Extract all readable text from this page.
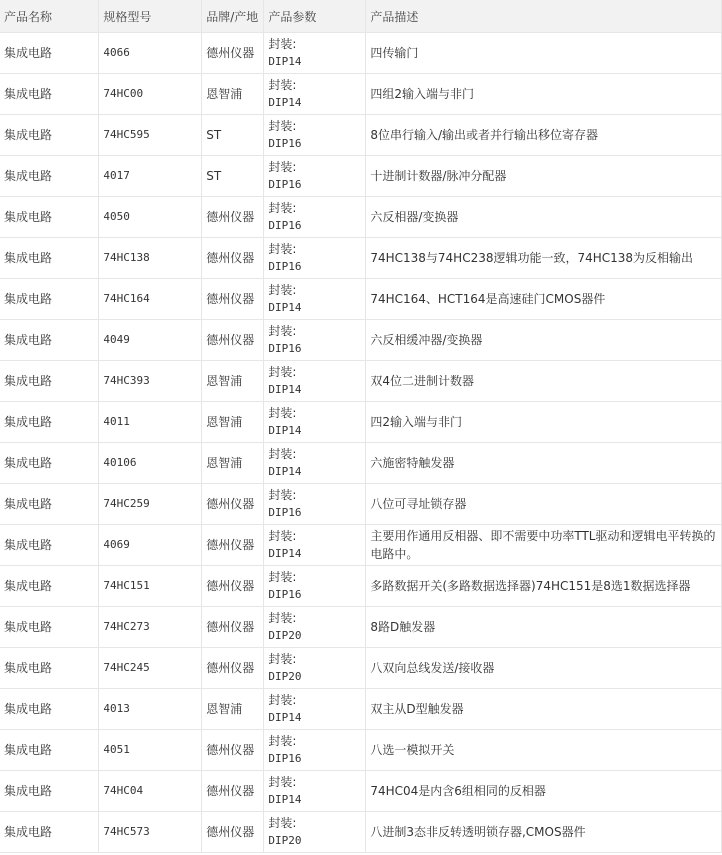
产品名称	规格型号	品牌/产地	产品参数	产品描述
集成电路	4066	德州仪器	封装:
DIP14	四传输门
集成电路	74HC00	恩智浦	封装:
DIP14	四组2输入端与非门
集成电路	74HC595	ST	封装:
DIP16	8位串行输入/输出或者并行输出移位寄存器
集成电路	4017	ST	封装:
DIP16	十进制计数器/脉冲分配器
集成电路	4050	德州仪器	封装:
DIP16	六反相器/变换器
集成电路	74HC138	德州仪器	封装:
DIP16	74HC138与74HC238逻辑功能一致，74HC138为反相输出
集成电路	74HC164	德州仪器	封装:
DIP14	74HC164、HCT164是高速硅门CMOS器件
集成电路	4049	德州仪器	封装:
DIP16	六反相缓冲器/变换器
集成电路	74HC393	恩智浦	封装:
DIP14	双4位二进制计数器
集成电路	4011	恩智浦	封装:
DIP14	四2输入端与非门
集成电路	40106	恩智浦	封装:
DIP14	六施密特触发器
集成电路	74HC259	德州仪器	封装:
DIP16	八位可寻址锁存器
集成电路	4069	德州仪器	封装:
DIP14	主要用作通用反相器、即不需要中功率TTL驱动和逻辑电平转换的电路中。
集成电路	74HC151	德州仪器	封装:
DIP16	多路数据开关(多路数据选择器)74HC151是8选1数据选择器
集成电路	74HC273	德州仪器	封装:
DIP20	8路D触发器
集成电路	74HC245	德州仪器	封装:
DIP20	八双向总线发送/接收器
集成电路	4013	恩智浦	封装:
DIP14	双主从D型触发器
集成电路	4051	德州仪器	封装:
DIP16	八选一模拟开关
集成电路	74HC04	德州仪器	封装:
DIP14	74HC04是内含6组相同的反相器
集成电路	74HC573	德州仪器	封装:
DIP20	八进制3态非反转透明锁存器,CMOS器件
